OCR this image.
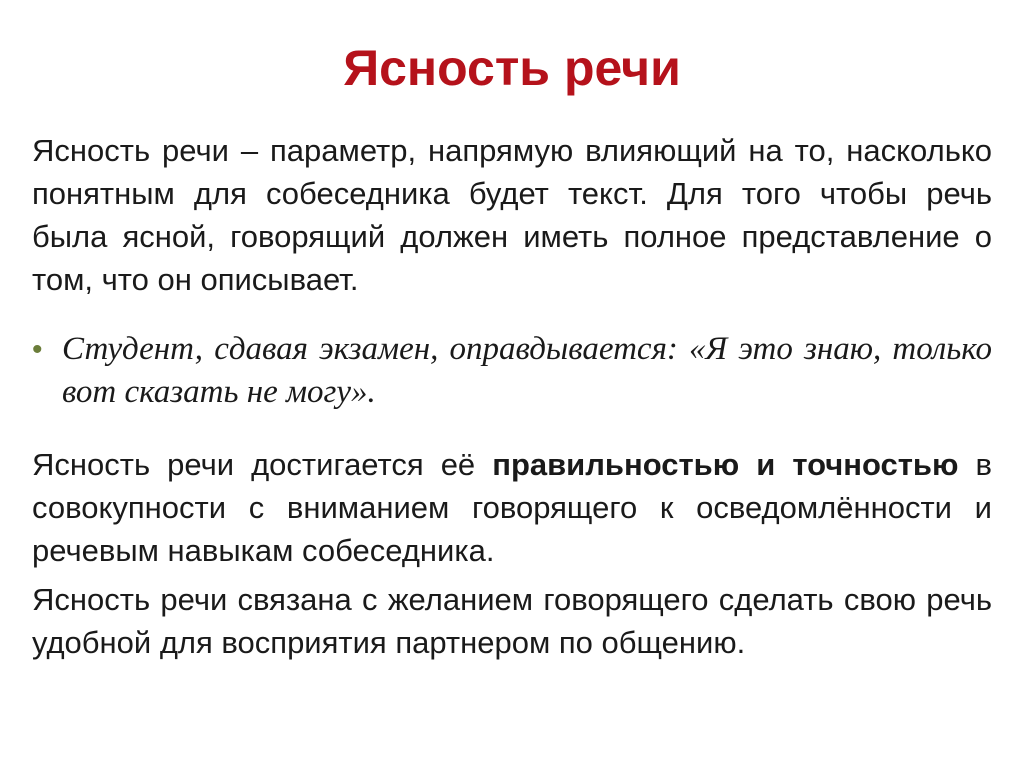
Ясность речи

Ясность речи – параметр, напрямую влияющий на то, насколько понятным для собеседника будет текст. Для того чтобы речь была ясной, говорящий должен иметь полное представление о том, что он описывает.

• Студент, сдавая экзамен, оправдывается: «Я это знаю, только вот сказать не могу».

Ясность речи достигается её правильностью и точностью в совокупности с вниманием говорящего к осведомлённости и речевым навыкам собеседника.

Ясность речи связана с желанием говорящего сделать свою речь удобной для восприятия партнером по общению.
